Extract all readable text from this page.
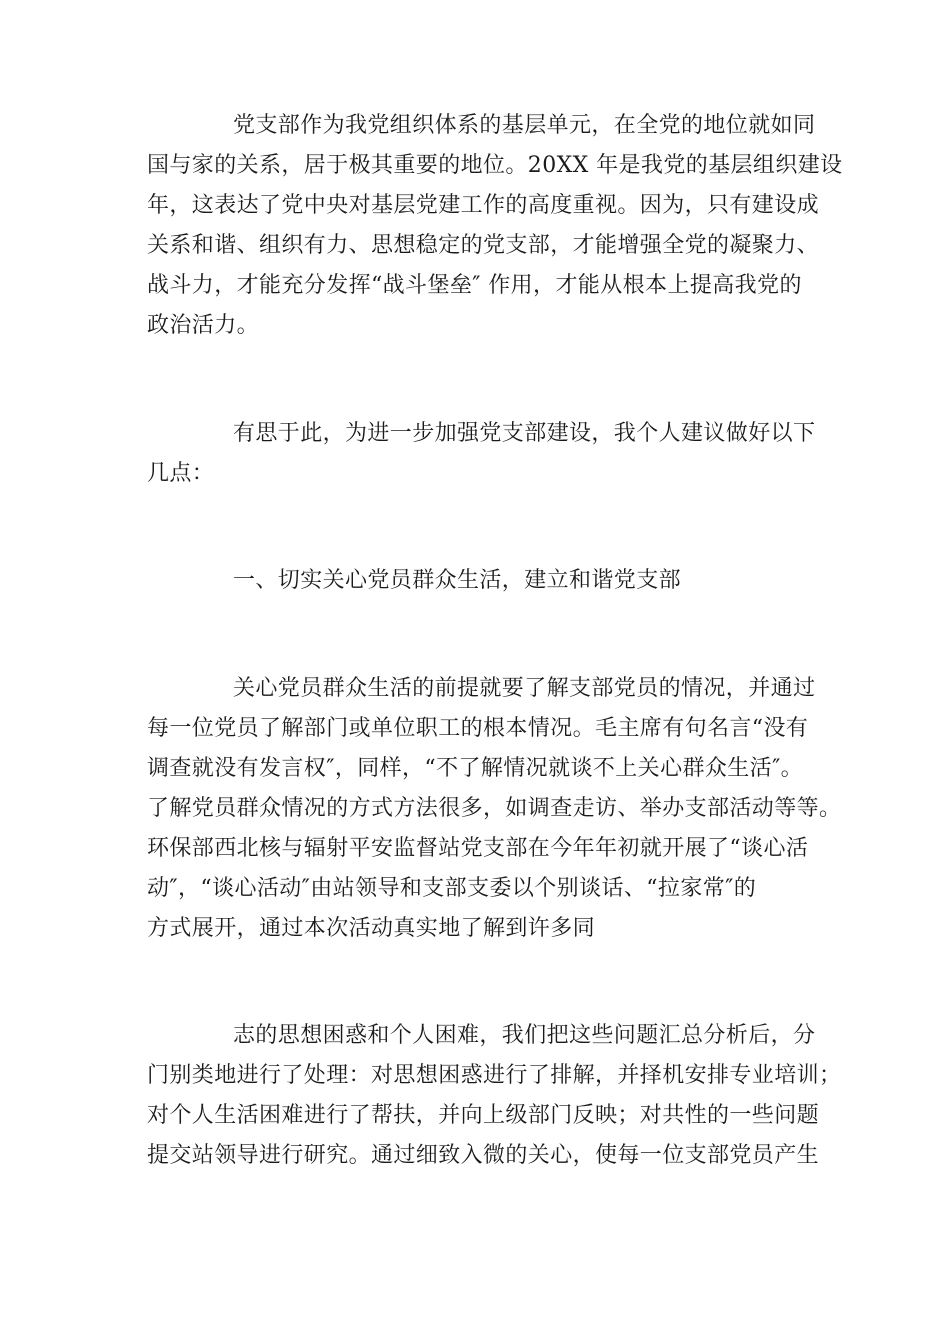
党支部作为我党组织体系的基层单元，在全党的地位就如同
国与家的关系，居于极其重要的地位。20XX 年是我党的基层组织建设
年，这表达了党中央对基层党建工作的高度重视。因为，只有建设成
关系和谐、组织有力、思想稳定的党支部，才能增强全党的凝聚力、
战斗力，才能充分发挥“战斗堡垒″ 作用，才能从根本上提高我党的
政治活力。
有思于此，为进一步加强党支部建设，我个人建议做好以下
几点：
一、切实关心党员群众生活，建立和谐党支部
关心党员群众生活的前提就要了解支部党员的情况，并通过
每一位党员了解部门或单位职工的根本情况。毛主席有句名言“没有
调查就没有发言权″，同样，“不了解情况就谈不上关心群众生活″。
了解党员群众情况的方式方法很多，如调查走访、举办支部活动等等。
环保部西北核与辐射平安监督站党支部在今年年初就开展了“谈心活
动″，“谈心活动″由站领导和支部支委以个别谈话、“拉家常″的
方式展开，通过本次活动真实地了解到许多同
志的思想困惑和个人困难，我们把这些问题汇总分析后，分
门别类地进行了处理：对思想困惑进行了排解，并择机安排专业培训；
对个人生活困难进行了帮扶，并向上级部门反映；对共性的一些问题
提交站领导进行研究。通过细致入微的关心，使每一位支部党员产生
